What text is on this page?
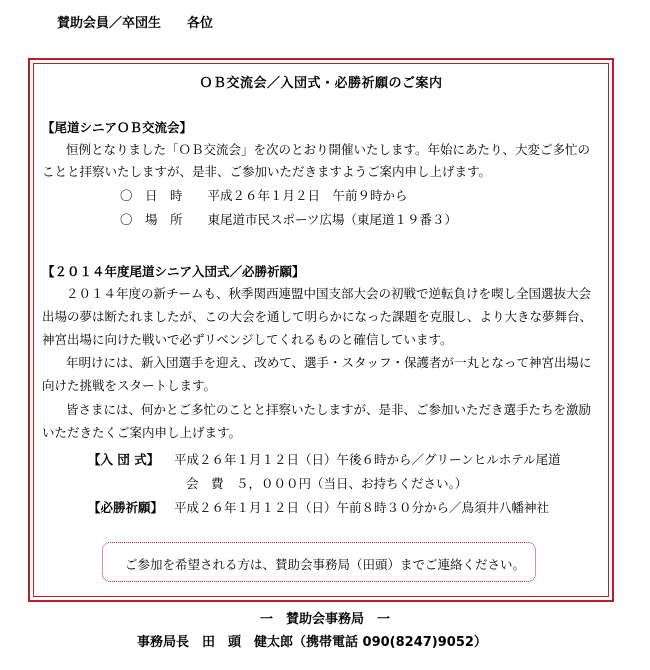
賛助会員／卒団生　　各位
ＯＢ交流会／入団式・必勝祈願のご案内
【尾道シニアＯＢ交流会】
恒例となりました「ＯＢ交流会」を次のとおり開催いたします。年始にあたり、大変ご多忙の
ことと拝察いたしますが、是非、ご参加いただきますようご案内申し上げます。
〇　日　時　　平成２６年１月２日　午前９時から
〇　場　所　　東尾道市民スポーツ広場（東尾道１９番３）
【２０１４年度尾道シニア入団式／必勝祈願】
２０１４年度の新チームも、秋季関西連盟中国支部大会の初戦で逆転負けを喫し全国選抜大会
出場の夢は断たれましたが、この大会を通して明らかになった課題を克服し、より大きな夢舞台、
神宮出場に向けた戦いで必ずリベンジしてくれるものと確信しています。
年明けには、新入団選手を迎え、改めて、選手・スタッフ・保護者が一丸となって神宮出場に
向けた挑戦をスタートします。
皆さまには、何かとご多忙のことと拝察いたしますが、是非、ご参加いただき選手たちを激励
いただきたくご案内申し上げます。
【入 団 式】 平成２６年１月１２日（日）午後６時から／グリーンヒルホテル尾道
会　費　５，０００円（当日、お持ちください。）
【必勝祈願】 平成２６年１月１２日（日）午前８時３０分から／鳥須井八幡神社
ご参加を希望される方は、賛助会事務局（田頭）までご連絡ください。
一　賛助会事務局　一
事務局長　田　頭　健太郎（携帯電話 090(8247)9052）
